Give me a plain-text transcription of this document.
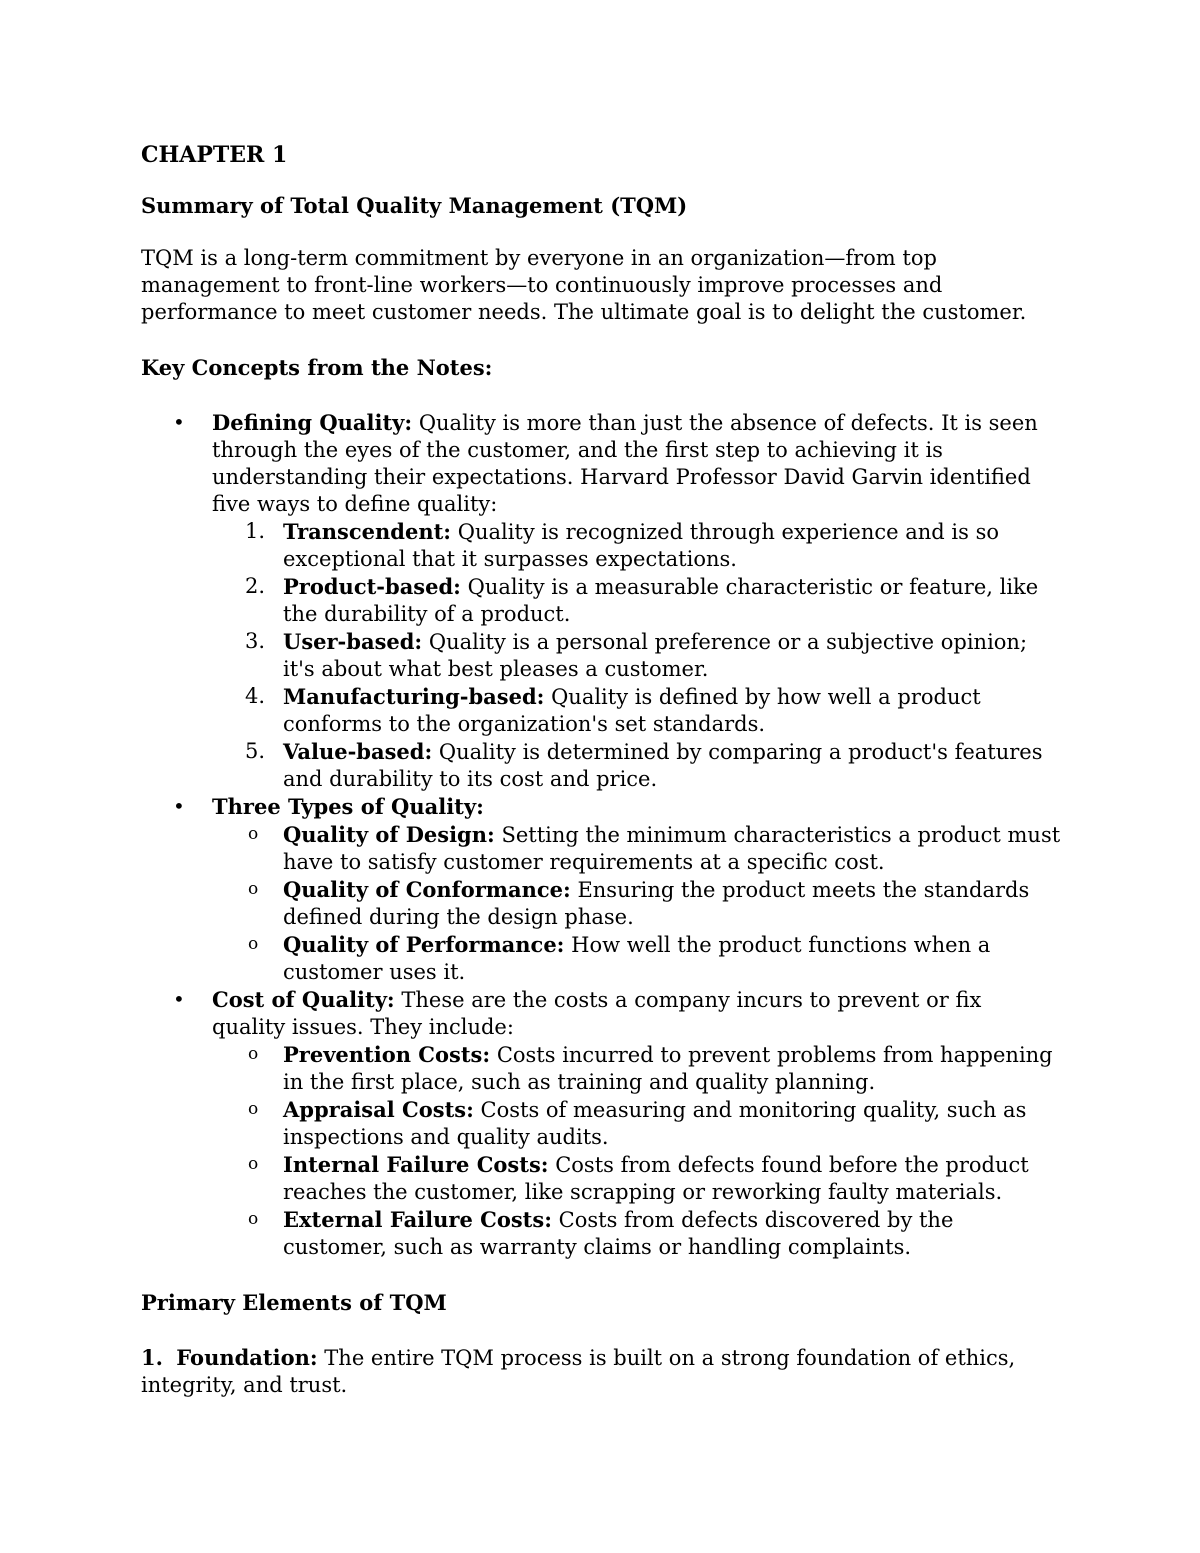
CHAPTER 1

Summary of Total Quality Management (TQM)

TQM is a long-term commitment by everyone in an organization—from top management to front-line workers—to continuously improve processes and performance to meet customer needs. The ultimate goal is to delight the customer.

Key Concepts from the Notes:

• Defining Quality: Quality is more than just the absence of defects. It is seen through the eyes of the customer, and the first step to achieving it is understanding their expectations. Harvard Professor David Garvin identified five ways to define quality:
1. Transcendent: Quality is recognized through experience and is so exceptional that it surpasses expectations.
2. Product-based: Quality is a measurable characteristic or feature, like the durability of a product.
3. User-based: Quality is a personal preference or a subjective opinion; it's about what best pleases a customer.
4. Manufacturing-based: Quality is defined by how well a product conforms to the organization's set standards.
5. Value-based: Quality is determined by comparing a product's features and durability to its cost and price.
• Three Types of Quality:
o Quality of Design: Setting the minimum characteristics a product must have to satisfy customer requirements at a specific cost.
o Quality of Conformance: Ensuring the product meets the standards defined during the design phase.
o Quality of Performance: How well the product functions when a customer uses it.
• Cost of Quality: These are the costs a company incurs to prevent or fix quality issues. They include:
o Prevention Costs: Costs incurred to prevent problems from happening in the first place, such as training and quality planning.
o Appraisal Costs: Costs of measuring and monitoring quality, such as inspections and quality audits.
o Internal Failure Costs: Costs from defects found before the product reaches the customer, like scrapping or reworking faulty materials.
o External Failure Costs: Costs from defects discovered by the customer, such as warranty claims or handling complaints.

Primary Elements of TQM

1. Foundation: The entire TQM process is built on a strong foundation of ethics, integrity, and trust.
